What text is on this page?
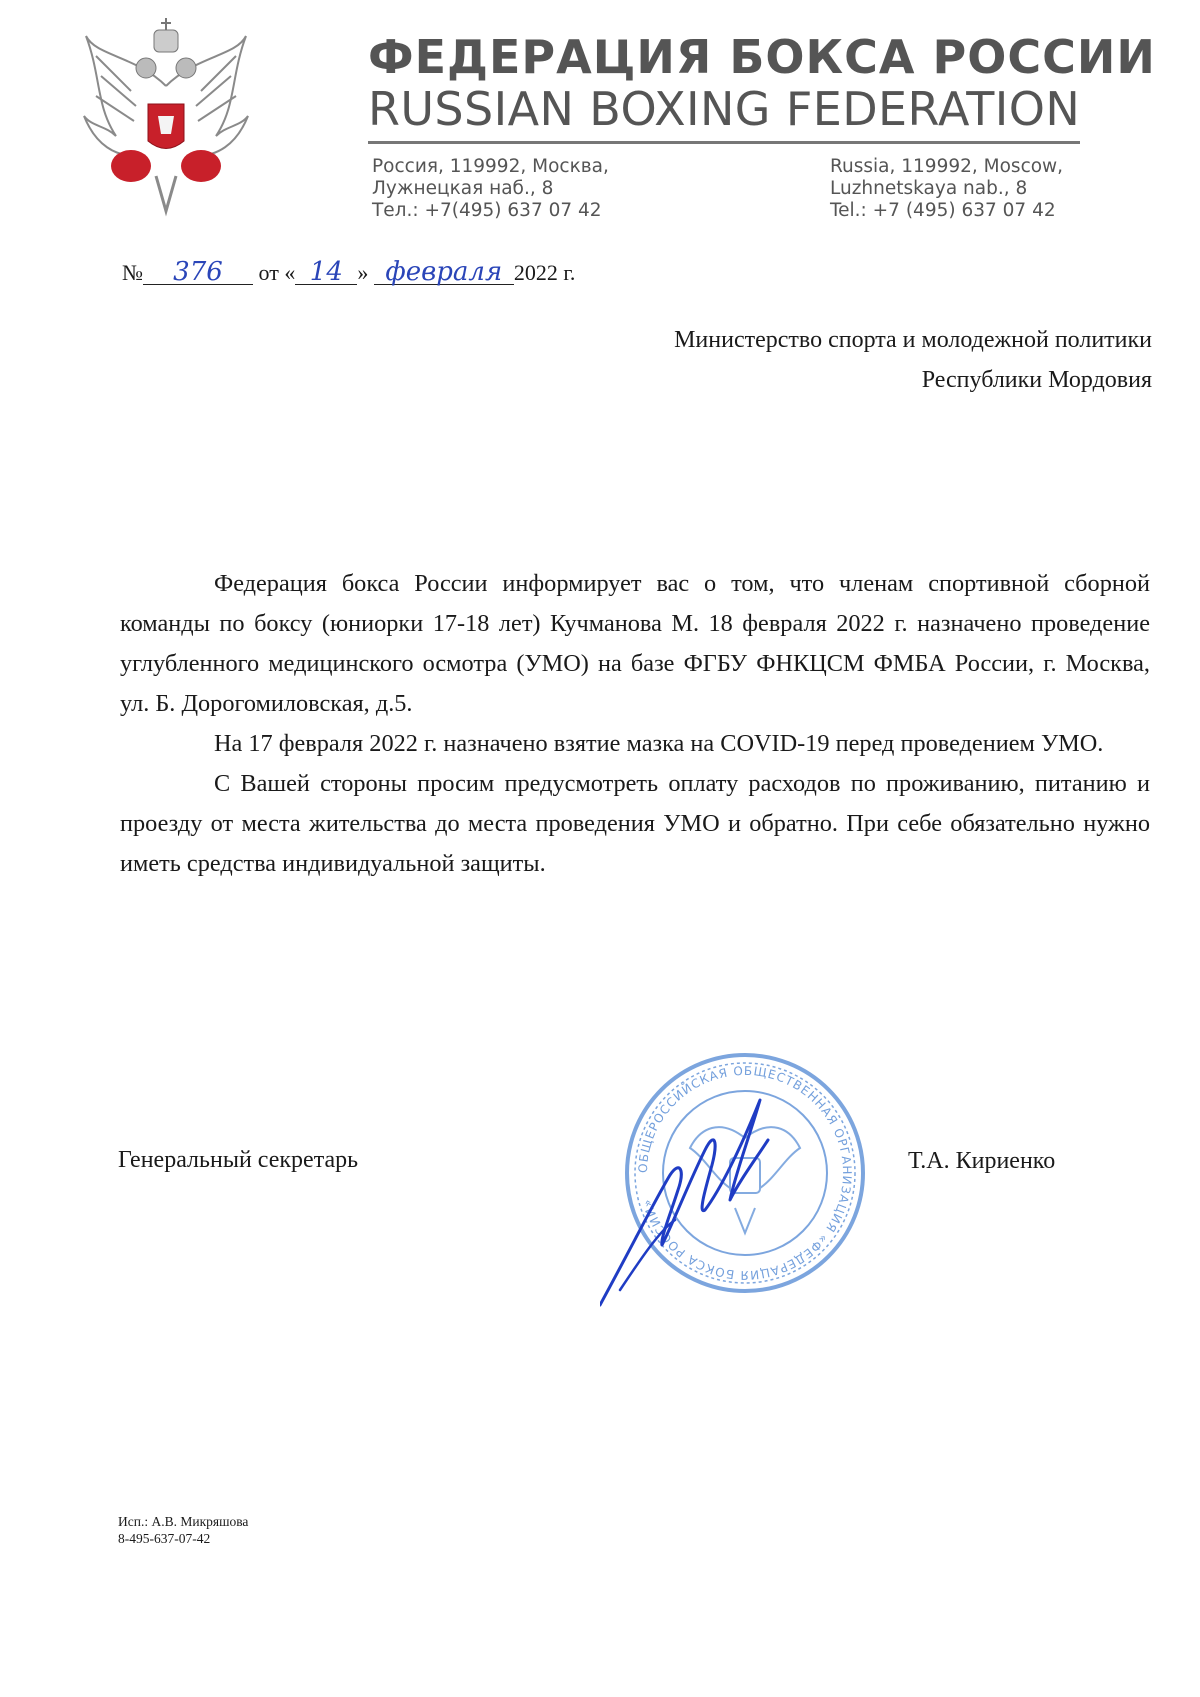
ФЕДЕРАЦИЯ БОКСА РОССИИ
RUSSIAN BOXING FEDERATION
Россия, 119992, Москва,
Лужнецкая наб., 8
Тел.: +7(495) 637 07 42
Russia, 119992, Moscow,
Luzhnetskaya nab., 8
Tel.: +7 (495) 637 07 42
№ 376 от « 14 » февраля 2022 г.
Министерство спорта и молодежной политики
Республики Мордовия

Федерация бокса России информирует вас о том, что членам спортивной сборной команды по боксу (юниорки 17-18 лет) Кучманова М. 18 февраля 2022 г. назначено проведение углубленного медицинского осмотра (УМО) на базе ФГБУ ФНКЦСМ ФМБА России, г. Москва, ул. Б. Дорогомиловская, д.5.

На 17 февраля 2022 г. назначено взятие мазка на COVID-19 перед проведением УМО.

С Вашей стороны просим предусмотреть оплату расходов по проживанию, питанию и проезду от места жительства до места проведения УМО и обратно. При себе обязательно нужно иметь средства индивидуальной защиты.

ОБЩЕРОССИЙСКАЯ ОБЩЕСТВЕННАЯ ОРГАНИЗАЦИЯ «ФЕДЕРАЦИЯ БОКСА РОССИИ»
Генеральный секретарь	Т.А. Кириенко
Исп.: А.В. Микряшова
8-495-637-07-42
